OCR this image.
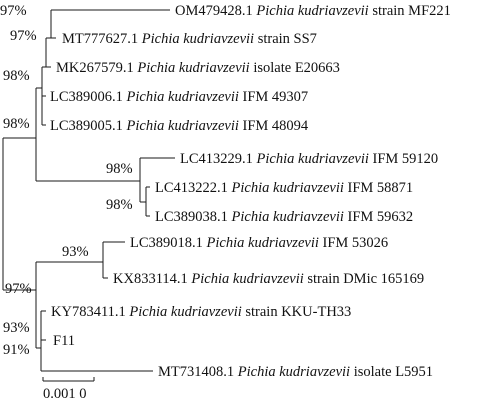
OM479428.1 Pichia kudriavzevii strain MF221
MT777627.1 Pichia kudriavzevii strain SS7
MK267579.1 Pichia kudriavzevii isolate E20663
LC389006.1 Pichia kudriavzevii IFM 49307
LC389005.1 Pichia kudriavzevii IFM 48094
LC413229.1 Pichia kudriavzevii IFM 59120
LC413222.1 Pichia kudriavzevii IFM 58871
LC389038.1 Pichia kudriavzevii IFM 59632
LC389018.1 Pichia kudriavzevii IFM 53026
KX833114.1 Pichia kudriavzevii strain DMic 165169
KY783411.1 Pichia kudriavzevii strain KKU-TH33
F11
MT731408.1 Pichia kudriavzevii isolate L5951
97%
97%
98%
98%
98%
98%
93%
97%
93%
91%
0.001 0
